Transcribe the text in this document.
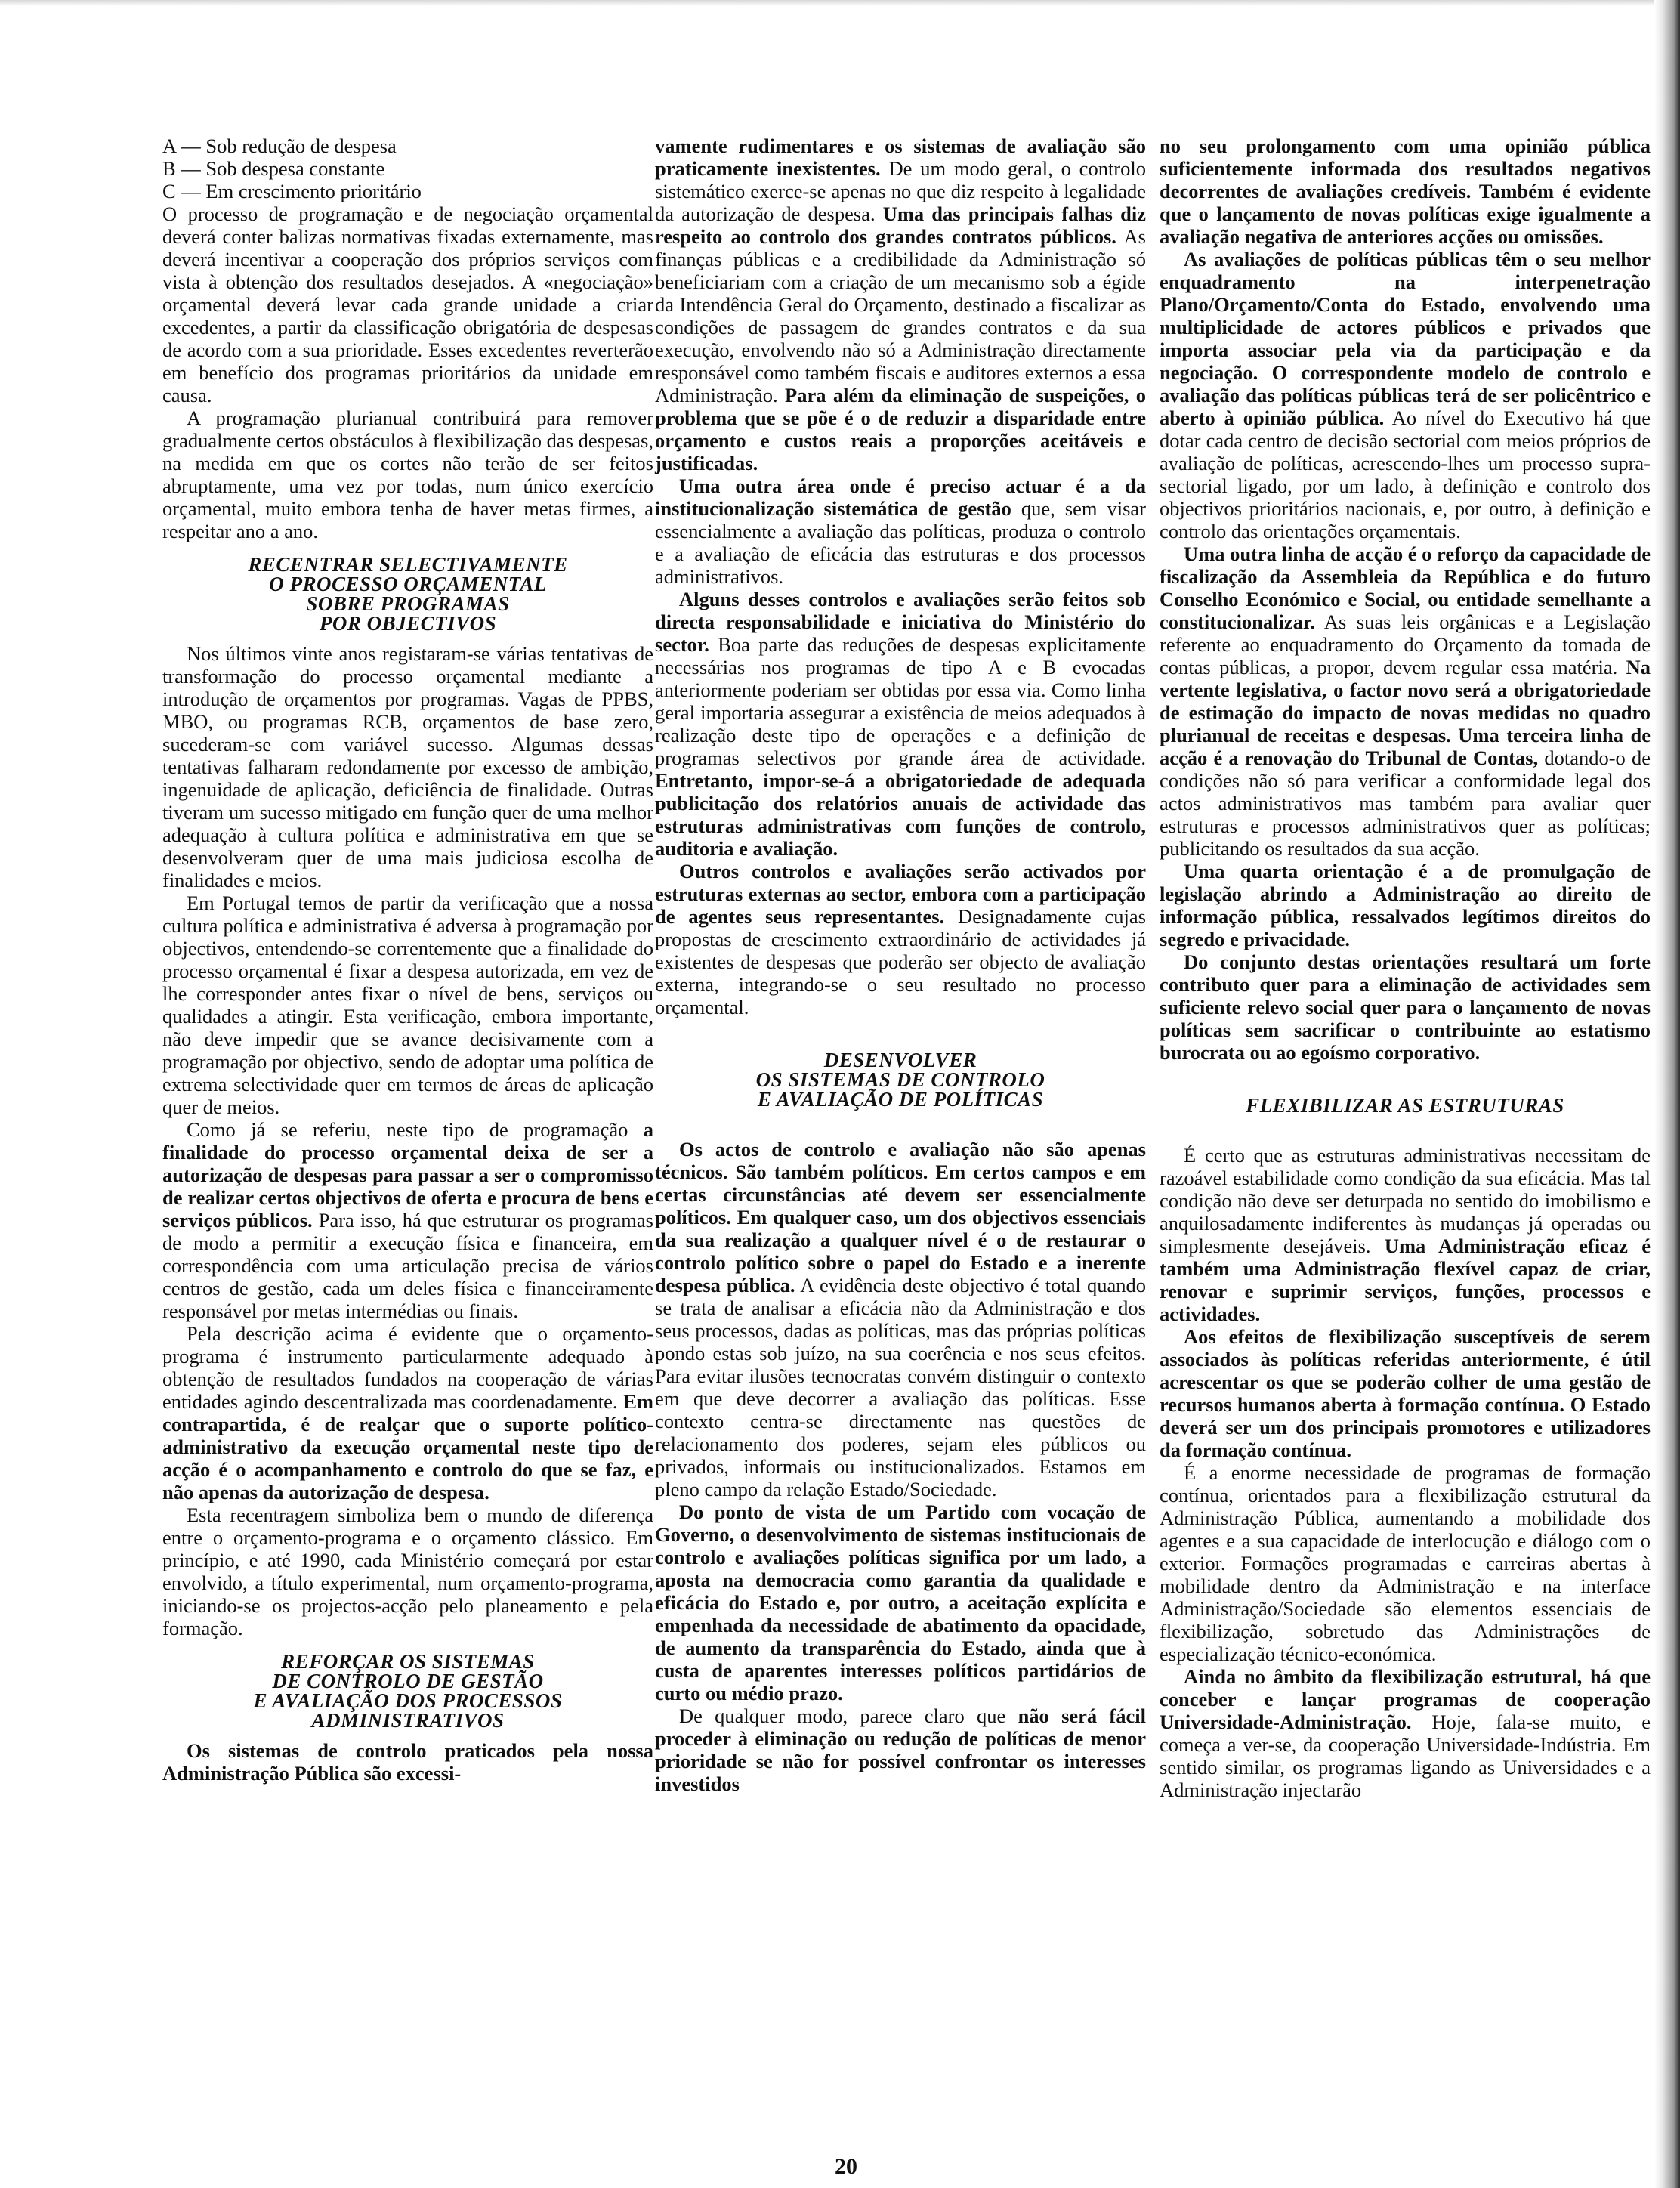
A — Sob redução de despesa

B — Sob despesa constante

C — Em crescimento prioritário

O processo de programação e de negociação orçamental deverá conter balizas normativas fixadas externamente, mas deverá incentivar a cooperação dos próprios serviços com vista à obtenção dos resultados desejados. A «negociação» orçamental deverá levar cada grande unidade a criar excedentes, a partir da classificação obrigatória de despesas de acordo com a sua prioridade. Esses excedentes reverterão em benefício dos programas prioritários da unidade em causa.

A programação plurianual contribuirá para remover gradualmente certos obstáculos à flexibilização das despesas, na medida em que os cortes não terão de ser feitos abruptamente, uma vez por todas, num único exercício orçamental, muito embora tenha de haver metas firmes, a respeitar ano a ano.

RECENTRAR SELECTIVAMENTE
O PROCESSO ORÇAMENTAL
SOBRE PROGRAMAS
POR OBJECTIVOS

Nos últimos vinte anos registaram-se várias tentativas de transformação do processo orçamental mediante a introdução de orçamentos por programas. Vagas de PPBS, MBO, ou programas RCB, orçamentos de base zero, sucederam-se com variável sucesso. Algumas dessas tentativas falharam redondamente por excesso de ambição, ingenuidade de aplicação, deficiência de finalidade. Outras tiveram um sucesso mitigado em função quer de uma melhor adequação à cultura política e administrativa em que se desenvolveram quer de uma mais judiciosa escolha de finalidades e meios.

Em Portugal temos de partir da verificação que a nossa cultura política e administrativa é adversa à programação por objectivos, entendendo-se correntemente que a finalidade do processo orçamental é fixar a despesa autorizada, em vez de lhe corresponder antes fixar o nível de bens, serviços ou qualidades a atingir. Esta verificação, embora importante, não deve impedir que se avance decisivamente com a programação por objectivo, sendo de adoptar uma política de extrema selectividade quer em termos de áreas de aplicação quer de meios.

Como já se referiu, neste tipo de programação a finalidade do processo orçamental deixa de ser a autorização de despesas para passar a ser o compromisso de realizar certos objectivos de oferta e procura de bens e serviços públicos. Para isso, há que estruturar os programas de modo a permitir a execução física e financeira, em correspondência com uma articulação precisa de vários centros de gestão, cada um deles física e financeiramente responsável por metas intermédias ou finais.

Pela descrição acima é evidente que o orçamento-programa é instrumento particularmente adequado à obtenção de resultados fundados na cooperação de várias entidades agindo descentralizada mas coordenadamente. Em contrapartida, é de realçar que o suporte político-administrativo da execução orçamental neste tipo de acção é o acompanhamento e controlo do que se faz, e não apenas da autorização de despesa.

Esta recentragem simboliza bem o mundo de diferença entre o orçamento-programa e o orçamento clássico. Em princípio, e até 1990, cada Ministério começará por estar envolvido, a título experimental, num orçamento-programa, iniciando-se os projectos-acção pelo planeamento e pela formação.

REFORÇAR OS SISTEMAS
DE CONTROLO DE GESTÃO
E AVALIAÇÃO DOS PROCESSOS
ADMINISTRATIVOS

Os sistemas de controlo praticados pela nossa Administração Pública são excessi-

vamente rudimentares e os sistemas de avaliação são praticamente inexistentes. De um modo geral, o controlo sistemático exerce-se apenas no que diz respeito à legalidade da autorização de despesa. Uma das principais falhas diz respeito ao controlo dos grandes contratos públicos. As finanças públicas e a credibilidade da Administração só beneficiariam com a criação de um mecanismo sob a égide da Intendência Geral do Orçamento, destinado a fiscalizar as condições de passagem de grandes contratos e da sua execução, envolvendo não só a Administração directamente responsável como também fiscais e auditores externos a essa Administração. Para além da eliminação de suspeições, o problema que se põe é o de reduzir a disparidade entre orçamento e custos reais a proporções aceitáveis e justificadas.

Uma outra área onde é preciso actuar é a da institucionalização sistemática de gestão que, sem visar essencialmente a avaliação das políticas, produza o controlo e a avaliação de eficácia das estruturas e dos processos administrativos.

Alguns desses controlos e avaliações serão feitos sob directa responsabilidade e iniciativa do Ministério do sector. Boa parte das reduções de despesas explicitamente necessárias nos programas de tipo A e B evocadas anteriormente poderiam ser obtidas por essa via. Como linha geral importaria assegurar a existência de meios adequados à realização deste tipo de operações e a definição de programas selectivos por grande área de actividade. Entretanto, impor-se-á a obrigatoriedade de adequada publicitação dos relatórios anuais de actividade das estruturas administrativas com funções de controlo, auditoria e avaliação.

Outros controlos e avaliações serão activados por estruturas externas ao sector, embora com a participação de agentes seus representantes. Designadamente cujas propostas de crescimento extraordinário de actividades já existentes de despesas que poderão ser objecto de avaliação externa, integrando-se o seu resultado no processo orçamental.

DESENVOLVER
OS SISTEMAS DE CONTROLO
E AVALIAÇÃO DE POLÍTICAS

Os actos de controlo e avaliação não são apenas técnicos. São também políticos. Em certos campos e em certas circunstâncias até devem ser essencialmente políticos. Em qualquer caso, um dos objectivos essenciais da sua realização a qualquer nível é o de restaurar o controlo político sobre o papel do Estado e a inerente despesa pública. A evidência deste objectivo é total quando se trata de analisar a eficácia não da Administração e dos seus processos, dadas as políticas, mas das próprias políticas pondo estas sob juízo, na sua coerência e nos seus efeitos. Para evitar ilusões tecnocratas convém distinguir o contexto em que deve decorrer a avaliação das políticas. Esse contexto centra-se directamente nas questões de relacionamento dos poderes, sejam eles públicos ou privados, informais ou institucionalizados. Estamos em pleno campo da relação Estado/Sociedade.

Do ponto de vista de um Partido com vocação de Governo, o desenvolvimento de sistemas institucionais de controlo e avaliações políticas significa por um lado, a aposta na democracia como garantia da qualidade e eficácia do Estado e, por outro, a aceitação explícita e empenhada da necessidade de abatimento da opacidade, de aumento da transparência do Estado, ainda que à custa de aparentes interesses políticos partidários de curto ou médio prazo.

De qualquer modo, parece claro que não será fácil proceder à eliminação ou redução de políticas de menor prioridade se não for possível confrontar os interesses investidos

no seu prolongamento com uma opinião pública suficientemente informada dos resultados negativos decorrentes de avaliações credíveis. Também é evidente que o lançamento de novas políticas exige igualmente a avaliação negativa de anteriores acções ou omissões.

As avaliações de políticas públicas têm o seu melhor enquadramento na interpenetração Plano/Orçamento/Conta do Estado, envolvendo uma multiplicidade de actores públicos e privados que importa associar pela via da participação e da negociação. O correspondente modelo de controlo e avaliação das políticas públicas terá de ser policêntrico e aberto à opinião pública. Ao nível do Executivo há que dotar cada centro de decisão sectorial com meios próprios de avaliação de políticas, acrescendo-lhes um processo supra-sectorial ligado, por um lado, à definição e controlo dos objectivos prioritários nacionais, e, por outro, à definição e controlo das orientações orçamentais.

Uma outra linha de acção é o reforço da capacidade de fiscalização da Assembleia da República e do futuro Conselho Económico e Social, ou entidade semelhante a constitucionalizar. As suas leis orgânicas e a Legislação referente ao enquadramento do Orçamento da tomada de contas públicas, a propor, devem regular essa matéria. Na vertente legislativa, o factor novo será a obrigatoriedade de estimação do impacto de novas medidas no quadro plurianual de receitas e despesas. Uma terceira linha de acção é a renovação do Tribunal de Contas, dotando-o de condições não só para verificar a conformidade legal dos actos administrativos mas também para avaliar quer estruturas e processos administrativos quer as políticas; publicitando os resultados da sua acção.

Uma quarta orientação é a de promulgação de legislação abrindo a Administração ao direito de informação pública, ressalvados legítimos direitos do segredo e privacidade.

Do conjunto destas orientações resultará um forte contributo quer para a eliminação de actividades sem suficiente relevo social quer para o lançamento de novas políticas sem sacrificar o contribuinte ao estatismo burocrata ou ao egoísmo corporativo.

FLEXIBILIZAR AS ESTRUTURAS

É certo que as estruturas administrativas necessitam de razoável estabilidade como condição da sua eficácia. Mas tal condição não deve ser deturpada no sentido do imobilismo e anquilosadamente indiferentes às mudanças já operadas ou simplesmente desejáveis. Uma Administração eficaz é também uma Administração flexível capaz de criar, renovar e suprimir serviços, funções, processos e actividades.

Aos efeitos de flexibilização susceptíveis de serem associados às políticas referidas anteriormente, é útil acrescentar os que se poderão colher de uma gestão de recursos humanos aberta à formação contínua. O Estado deverá ser um dos principais promotores e utilizadores da formação contínua.

É a enorme necessidade de programas de formação contínua, orientados para a flexibilização estrutural da Administração Pública, aumentando a mobilidade dos agentes e a sua capacidade de interlocução e diálogo com o exterior. Formações programadas e carreiras abertas à mobilidade dentro da Administração e na interface Administração/Sociedade são elementos essenciais de flexibilização, sobretudo das Administrações de especialização técnico-económica.

Ainda no âmbito da flexibilização estrutural, há que conceber e lançar programas de cooperação Universidade-Administração. Hoje, fala-se muito, e começa a ver-se, da cooperação Universidade-Indústria. Em sentido similar, os programas ligando as Universidades e a Administração injectarão

20
